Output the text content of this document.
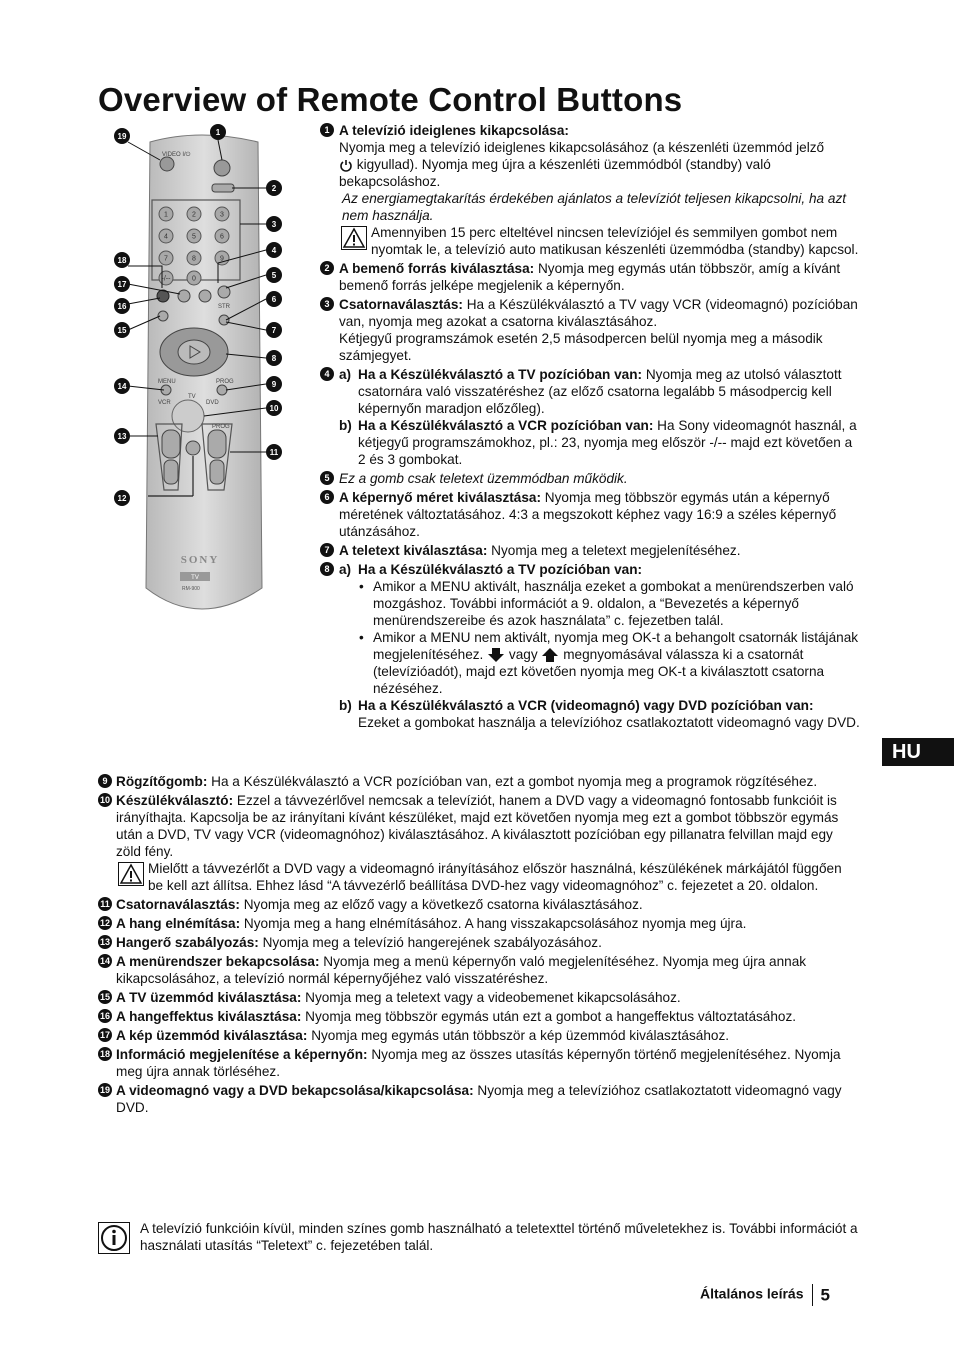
Overview of Remote Control Buttons
VIDEO I/⏻
1	2	3
4	5	6
7	8	9
-/--	0
STR
MENU	PROG
TV
VCR	DVD
PROG
SONY
TV
RM-900
19
18
17
16
15
14
13
12
1
2
3
4
5
6
7
8
9
10
11
1 A televízió ideiglenes kikapcsolása:
Nyomja meg a televízió ideiglenes kikapcsolásához (a készenléti üzemmód jelző
kigyullad). Nyomja meg újra a készenléti üzemmódból (standby) való bekapcsoláshoz.
Az energiamegtakarítás érdekében ajánlatos a televíziót teljesen kikapcsolni, ha azt nem használja.
Amennyiben 15 perc elteltével nincsen televíziójel és semmilyen gombot nem nyomtak le, a televízió auto matikusan készenléti üzemmódba (standby) kapcsol.
2 A bemenő forrás kiválasztása: Nyomja meg egymás után többször, amíg a kívánt bemenő forrás jelképe megjelenik a képernyőn.
3 Csatornaválasztás: Ha a Készülékválasztó a TV vagy VCR (videomagnó) pozícióban van, nyomja meg azokat a csatorna kiválasztásához.
Kétjegyű programszámok esetén 2,5 másodpercen belül nyomja meg a második számjegyet.
4 a) Ha a Készülékválasztó a TV pozícióban van: Nyomja meg az utolsó választott csatornára való visszatéréshez (az előző csatorna legalább 5 másodpercig kell képernyőn maradjon előzőleg).
b) Ha a Készülékválasztó a VCR pozícióban van: Ha Sony videomagnót használ, a kétjegyű programszámokhoz, pl.: 23, nyomja meg először -/-- majd ezt követően a 2 és 3 gombokat.
5 Ez a gomb csak teletext üzemmódban működik.
6 A képernyő méret kiválasztása: Nyomja meg többször egymás után a képernyő méretének változtatásához. 4:3 a megszokott képhez vagy 16:9 a széles képernyő utánzásához.
7 A teletext kiválasztása: Nyomja meg a teletext megjelenítéséhez.
8 a) Ha a Készülékválasztó a TV pozícióban van:
• Amikor a MENU aktivált, használja ezeket a gombokat a menürendszerben való mozgáshoz. További információt a 9. oldalon, a “Bevezetés a képernyő menürendszereibe és azok használata” c. fejezetben talál.
• Amikor a MENU nem aktivált, nyomja meg OK-t a behangolt csatornák listájának megjelenítéséhez. vagy megnyomásával válassza ki a csatornát (televízióadót), majd ezt követően nyomja meg OK-t a kiválasztott csatorna nézéséhez.
b) Ha a Készülékválasztó a VCR (videomagnó) vagy DVD pozícióban van:
Ezeket a gombokat használja a televízióhoz csatlakoztatott videomagnó vagy DVD.
9 Rögzítőgomb: Ha a Készülékválasztó a VCR pozícióban van, ezt a gombot nyomja meg a programok rögzítéséhez.
10 Készülékválasztó: Ezzel a távvezérlővel nemcsak a televíziót, hanem a DVD vagy a videomagnó fontosabb funkcióit is irányíthajta. Kapcsolja be az irányítani kívánt készüléket, majd ezt követően nyomja meg ezt a gombot többször egymás után a DVD, TV vagy VCR (videomagnóhoz) kiválasztásához. A kiválasztott pozícióban egy pillanatra felvillan majd egy zöld fény.
Mielőtt a távvezérlőt a DVD vagy a videomagnó irányításához először használná, készülékének márkájától függően be kell azt állítsa. Ehhez lásd “A távvezérlő beállítása DVD-hez vagy videomagnóhoz” c. fejezetet a 20. oldalon.
11 Csatornaválasztás: Nyomja meg az előző vagy a következő csatorna kiválasztásához.
12 A hang elnémítása: Nyomja meg a hang elnémításához. A hang visszakapcsolásához nyomja meg újra.
13 Hangerő szabályozás: Nyomja meg a televízió hangerejének szabályozásához.
14 A menürendszer bekapcsolása: Nyomja meg a menü képernyőn való megjelenítéséhez. Nyomja meg újra annak kikapcsolásához, a televízió normál képernyőjéhez való visszatéréshez.
15 A TV üzemmód kiválasztása: Nyomja meg a teletext vagy a videobemenet kikapcsolásához.
16 A hangeffektus kiválasztása: Nyomja meg többször egymás után ezt a gombot a hangeffektus változtatásához.
17 A kép üzemmód kiválasztása: Nyomja meg egymás után többször a kép üzemmód kiválasztásához.
18 Információ megjelenítése a képernyőn: Nyomja meg az összes utasítás képernyőn történő megjelenítéséhez. Nyomja meg újra annak törléséhez.
19 A videomagnó vagy a DVD bekapcsolása/kikapcsolása: Nyomja meg a televízióhoz csatlakoztatott videomagnó vagy DVD.
HU
A televízió funkcióin kívül, minden színes gomb használható a teletexttel történő műveletekhez is. További információt a használati utasítás “Teletext” c. fejezetében talál.
Általános leírás 5
